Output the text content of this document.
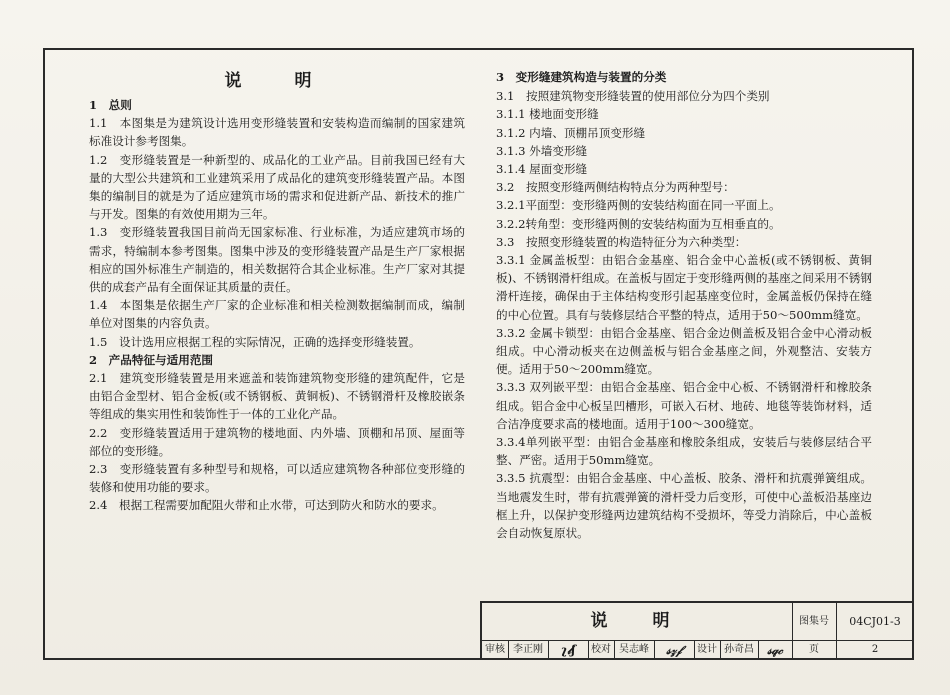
说　明

1　总则

1.1　本图集是为建筑设计选用变形缝装置和安装构造而编制的国家建筑标准设计参考图集。

1.2　变形缝装置是一种新型的、成品化的工业产品。目前我国已经有大量的大型公共建筑和工业建筑采用了成品化的建筑变形缝装置产品。本图集的编制目的就是为了适应建筑市场的需求和促进新产品、新技术的推广与开发。图集的有效使用期为三年。

1.3　变形缝装置我国目前尚无国家标准、行业标准，为适应建筑市场的需求，特编制本参考图集。图集中涉及的变形缝装置产品是生产厂家根据相应的国外标准生产制造的，相关数据符合其企业标准。生产厂家对其提供的成套产品有全面保证其质量的责任。

1.4　本图集是依据生产厂家的企业标准和相关检测数据编制而成，编制单位对图集的内容负责。

1.5　设计选用应根据工程的实际情况，正确的选择变形缝装置。

2　产品特征与适用范围

2.1　建筑变形缝装置是用来遮盖和装饰建筑物变形缝的建筑配件，它是由铝合金型材、铝合金板(或不锈钢板、黄铜板)、不锈钢滑杆及橡胶嵌条等组成的集实用性和装饰性于一体的工业化产品。

2.2　变形缝装置适用于建筑物的楼地面、内外墙、顶棚和吊顶、屋面等部位的变形缝。

2.3　变形缝装置有多种型号和规格，可以适应建筑物各种部位变形缝的装修和使用功能的要求。

2.4　根据工程需要加配阻火带和止水带，可达到防火和防水的要求。

3　变形缝建筑构造与装置的分类

3.1　按照建筑物变形缝装置的使用部位分为四个类别

3.1.1 楼地面变形缝

3.1.2 内墙、顶棚吊顶变形缝

3.1.3 外墙变形缝

3.1.4 屋面变形缝

3.2　按照变形缝两侧结构特点分为两种型号：

3.2.1平面型：变形缝两侧的安装结构面在同一平面上。

3.2.2转角型：变形缝两侧的安装结构面为互相垂直的。

3.3　按照变形缝装置的构造特征分为六种类型：

3.3.1 金属盖板型：由铝合金基座、铝合金中心盖板(或不锈钢板、黄铜板)、不锈钢滑杆组成。在盖板与固定于变形缝两侧的基座之间采用不锈钢滑杆连接，确保由于主体结构变形引起基座变位时，金属盖板仍保持在缝的中心位置。具有与装修层结合平整的特点，适用于50～500mm缝宽。

3.3.2 金属卡锁型：由铝合金基座、铝合金边侧盖板及铝合金中心滑动板组成。中心滑动板夹在边侧盖板与铝合金基座之间，外观整洁、安装方便。适用于50～200mm缝宽。

3.3.3 双列嵌平型：由铝合金基座、铝合金中心板、不锈钢滑杆和橡胶条组成。铝合金中心板呈凹槽形，可嵌入石材、地砖、地毯等装饰材料，适合洁净度要求高的楼地面。适用于100～300缝宽。

3.3.4单列嵌平型：由铝合金基座和橡胶条组成，安装后与装修层结合平整、严密。适用于50mm缝宽。

3.3.5 抗震型：由铝合金基座、中心盖板、胶条、滑杆和抗震弹簧组成。当地震发生时，带有抗震弹簧的滑杆受力后变形，可使中心盖板沿基座边框上升，以保护变形缝两边建筑结构不受损坏，等受力消除后，中心盖板会自动恢复原状。

说　明	图集号	04CJ01-3
审核 李正刚	ʅ𝓁ʃ	校对 吴志峰	𝓈𝓏𝒻	设计 孙奇昌	𝓈𝓆𝒸	页	2
